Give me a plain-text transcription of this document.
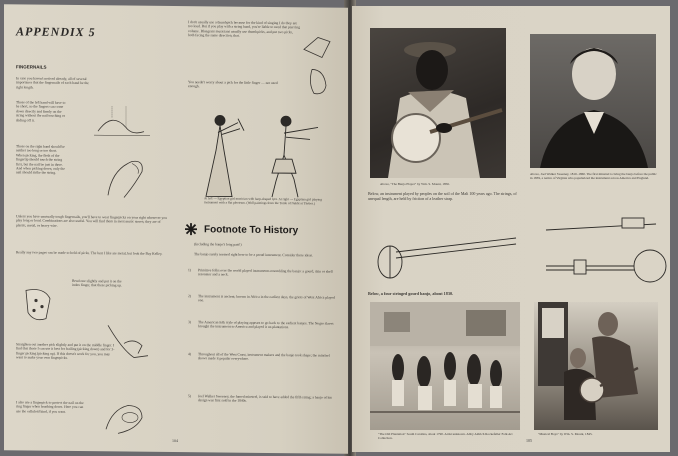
APPENDIX 5
FINGERNAILS
In case you haven't noticed already, all of several importance that the fingernails of each hand be the right length.
Those of the left hand will have to be short, so the fingers can come down directly and firmly on the string without the nail touching or sliding off it.
Those on the right hand should be neither too long or too short. When picking, the flesh of the fingertip should touch the string first, but the nail be just in there. And when picking down, only the nail should strike the string.
Unless you have unusually tough fingernails, you'll have to wear fingerpicks on your right whenever you play long or loud. Combinations are also useful. You will find them in most music stores; they are of plastic, metal, or heavy wire.
Really any two pages can be made to hold of picks. The best I like are metal, but look the Bay Kelley.
Bend one slightly and put it on the index finger, that these picking up.
Straighten out another pick slightly and put it on the middle finger. I find that those I can use it best for frailing (picking down) and for 3-finger picking (picking up). If this doesn't work for you, you may want to make your own fingerpicks.
I also use a fingerpick to protect the nail on the ring finger when brushing down. Here you can use the celluloid kind, if you want.
I don't usually use a thumbpick because for the kind of singing I do they are too loud. But if you play with a string band, you're liable to need that piercing volume. Bluegrass musicians usually use thumbpicks, and put two picks, both facing the same direction, that.
You needn't worry about a pick for the little finger — not used enough.
At left — Egyptian girl musician with harp-shaped lyre. At right — Egyptian girl playing instrument with a flat plectrum. (Wall paintings from the Tomb of Nakht at Thebes.)
Footnote To History
(Including the banjo's long past!)
The banjo surely seemed right here to be a proud instrument. Consider these ideas.
1) Primitive folks over the world played instruments resembling the banjo: a gourd, skin or shell resonator and a neck.
2) The instrument is ancient; known in Africa in the earliest days, the griots of West Africa played one.
3) The American folk style of playing appears to go back to the earliest banjos. The Negro slaves brought the instrument to America and played it on plantations.
4) Throughout all of the West Coast, instrument makers and the banjo took shape; the minstrel shows made it popular everywhere.
5) Joel Walker Sweeney, the famed minstrel, is said to have added the fifth string; a banjo of his design was first sold in the 1840s.
104
Above, "The Banjo Player" by Wm. S. Mount, 1856.
Above, Joel Walker Sweeney, 1810–1860. The first minstrel to bring the banjo before the public in 1839, a native of Virginia who popularized the instrument across America and England.
Below, an instrument played by peoples on the soil of the Mali 100 years ago. The strings, of unequal length, are held by friction of a leather strap.
Below, a four stringed gourd banjo, about 1830.
"The Old Plantation" South Carolina, about 1790. Artist unknown. Abby Aldrich Rockefeller Folk Art Collection.
"Musical Boys" by Wm. S. Mount, 1845.
105
